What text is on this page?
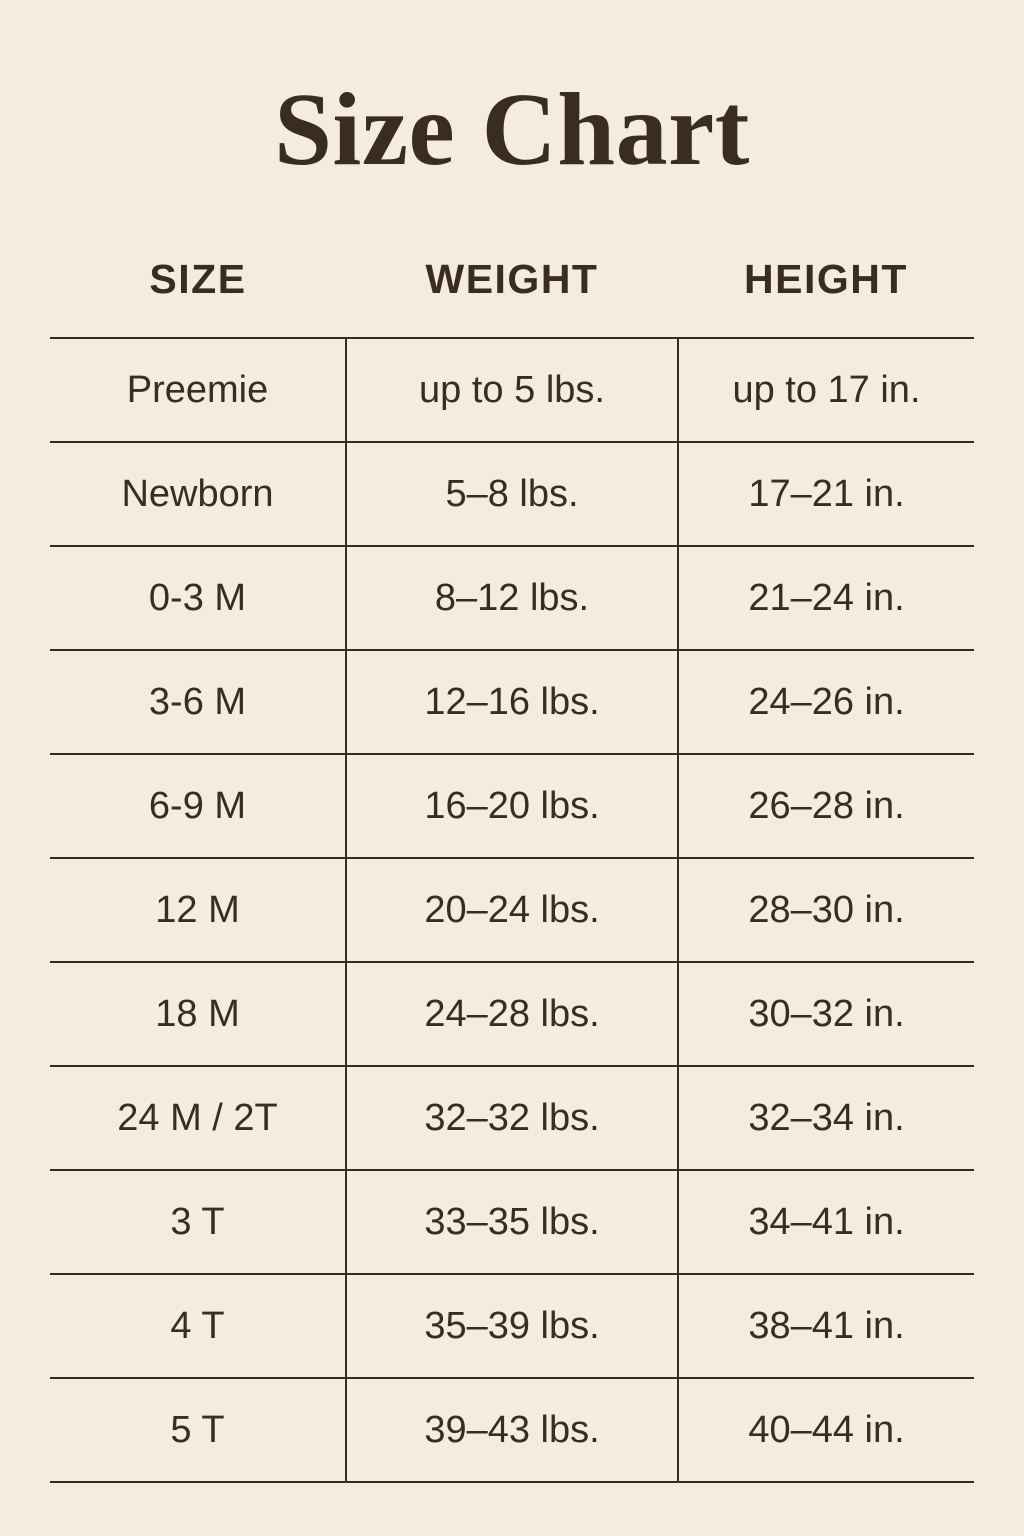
Size Chart
SIZE	WEIGHT	HEIGHT
Preemie	up to 5 lbs.	up to 17 in.
Newborn	5–8 lbs.	17–21 in.
0-3 M	8–12 lbs.	21–24 in.
3-6 M	12–16 lbs.	24–26 in.
6-9 M	16–20 lbs.	26–28 in.
12 M	20–24 lbs.	28–30 in.
18 M	24–28 lbs.	30–32 in.
24 M / 2T	32–32 lbs.	32–34 in.
3 T	33–35 lbs.	34–41 in.
4 T	35–39 lbs.	38–41 in.
5 T	39–43 lbs.	40–44 in.
